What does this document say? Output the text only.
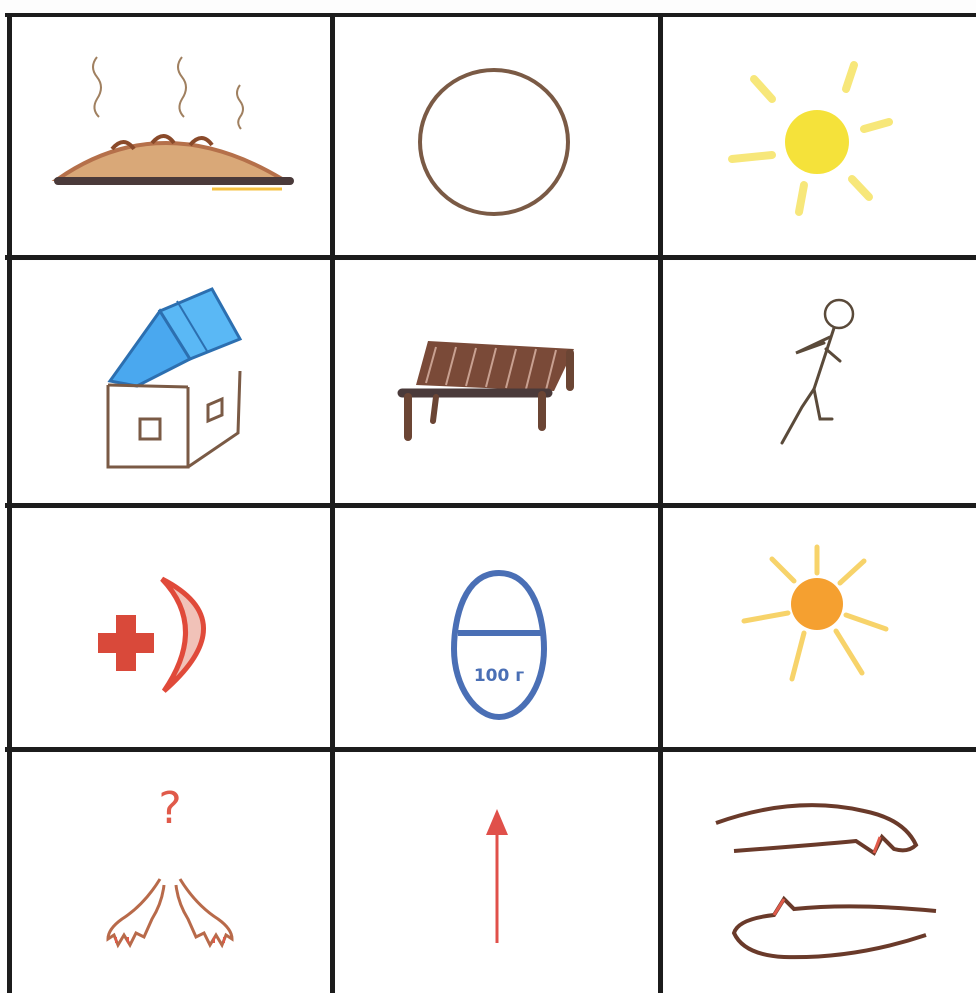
100 г
?
